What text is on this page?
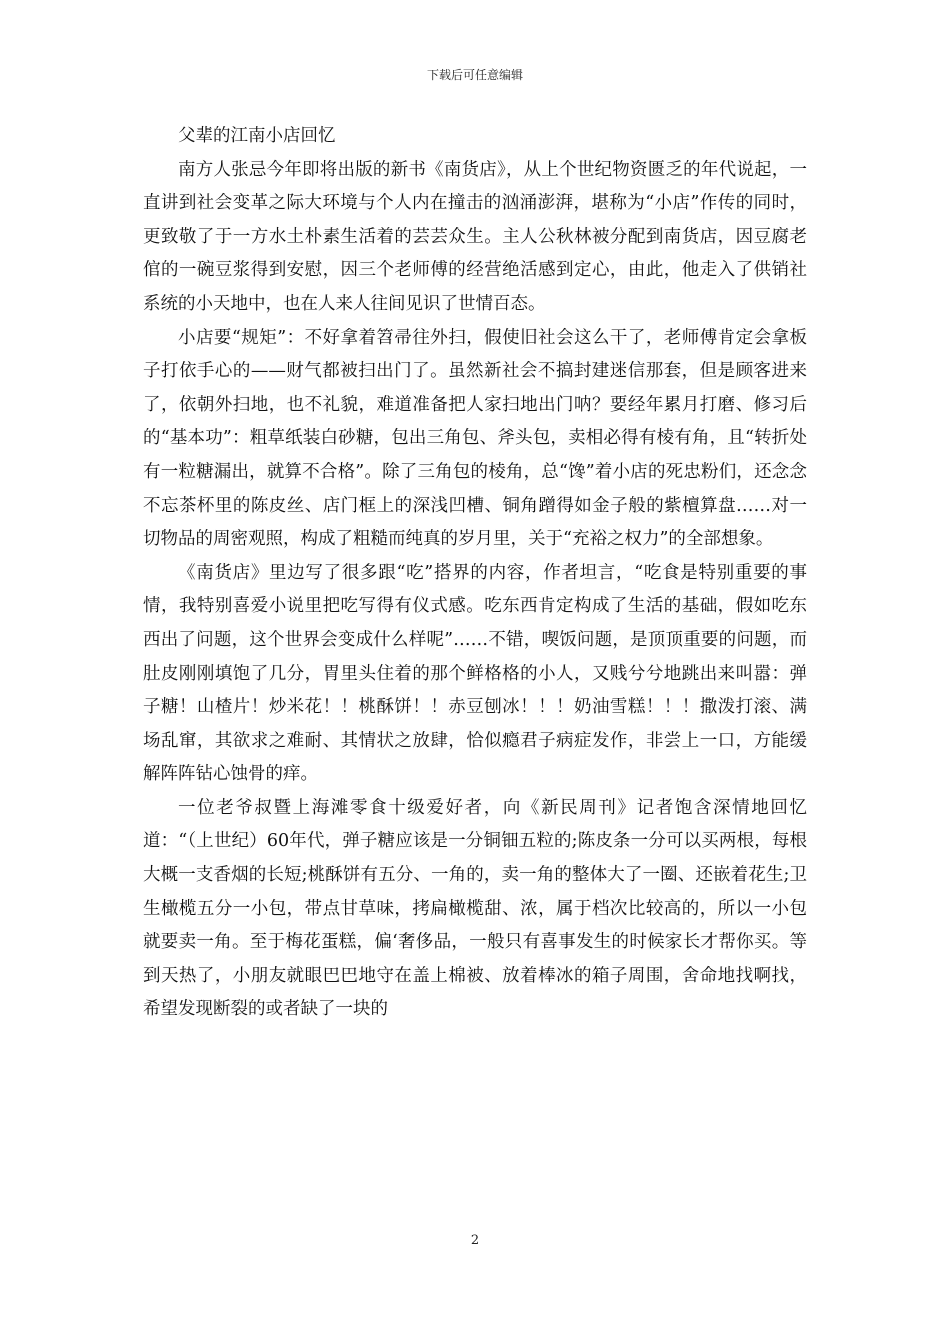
下载后可任意编辑

父辈的江南小店回忆

南方人张忌今年即将出版的新书《南货店》，从上个世纪物资匮乏的年代说起，一直讲到社会变革之际大环境与个人内在撞击的汹涌澎湃，堪称为“小店”作传的同时，更致敬了于一方水土朴素生活着的芸芸众生。主人公秋林被分配到南货店，因豆腐老倌的一碗豆浆得到安慰，因三个老师傅的经营绝活感到定心，由此，他走入了供销社系统的小天地中，也在人来人往间见识了世情百态。

小店要“规矩”：不好拿着笤帚往外扫，假使旧社会这么干了，老师傅肯定会拿板子打依手心的——财气都被扫出门了。虽然新社会不搞封建迷信那套，但是顾客进来了，依朝外扫地，也不礼貌，难道准备把人家扫地出门呐？要经年累月打磨、修习后的“基本功”：粗草纸装白砂糖，包出三角包、斧头包，卖相必得有棱有角，且“转折处有一粒糖漏出，就算不合格”。除了三角包的棱角，总“馋”着小店的死忠粉们，还念念不忘茶杯里的陈皮丝、店门框上的深浅凹槽、铜角蹭得如金子般的紫檀算盘……对一切物品的周密观照，构成了粗糙而纯真的岁月里，关于“充裕之权力”的全部想象。

《南货店》里边写了很多跟“吃”搭界的内容，作者坦言，“吃食是特别重要的事情，我特别喜爱小说里把吃写得有仪式感。吃东西肯定构成了生活的基础，假如吃东西出了问题，这个世界会变成什么样呢”……不错，喫饭问题，是顶顶重要的问题，而肚皮刚刚填饱了几分，胃里头住着的那个鲜格格的小人，又贱兮兮地跳出来叫嚣：弹子糖！山楂片！炒米花！！桃酥饼！！赤豆刨冰！！！奶油雪糕！！！撒泼打滚、满场乱窜，其欲求之难耐、其情状之放肆，恰似瘾君子病症发作，非尝上一口，方能缓解阵阵钻心蚀骨的痒。

一位老爷叔暨上海滩零食十级爱好者，向《新民周刊》记者饱含深情地回忆道：“（上世纪）60年代，弹子糖应该是一分铜钿五粒的;陈皮条一分可以买两根，每根大概一支香烟的长短;桃酥饼有五分、一角的，卖一角的整体大了一圈、还嵌着花生;卫生橄榄五分一小包，带点甘草味，拷扁橄榄甜、浓，属于档次比较高的，所以一小包就要卖一角。至于梅花蛋糕，偏‘奢侈品，一般只有喜事发生的时候家长才帮你买。等到天热了，小朋友就眼巴巴地守在盖上棉被、放着棒冰的箱子周围，舍命地找啊找，希望发现断裂的或者缺了一块的

2
